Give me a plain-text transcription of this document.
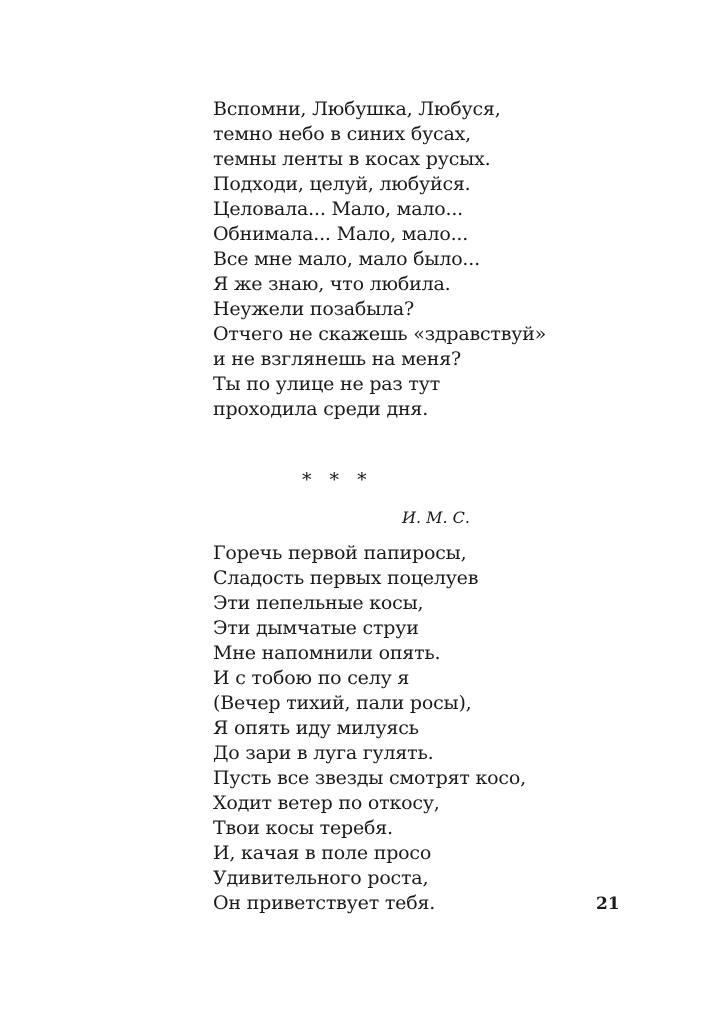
Вспомни, Любушка, Любуся,
темно небо в синих бусах,
темны ленты в косах русых.
Подходи, целуй, любуйся.
Целовала... Мало, мало...
Обнимала... Мало, мало...
Все мне мало, мало было...
Я же знаю, что любила.
Неужели позабыла?
Отчего не скажешь «здравствуй»
и не взглянешь на меня?
Ты по улице не раз тут
проходила среди дня.
* * *
И. М. С.
Горечь первой папиросы,
Сладость первых поцелуев
Эти пепельные косы,
Эти дымчатые струи
Мне напомнили опять.
И с тобою по селу я
(Вечер тихий, пали росы),
Я опять иду милуясь
До зари в луга гулять.
Пусть все звезды смотрят косо,
Ходит ветер по откосу,
Твои косы теребя.
И, качая в поле просо
Удивительного роста,
Он приветствует тебя.	21
